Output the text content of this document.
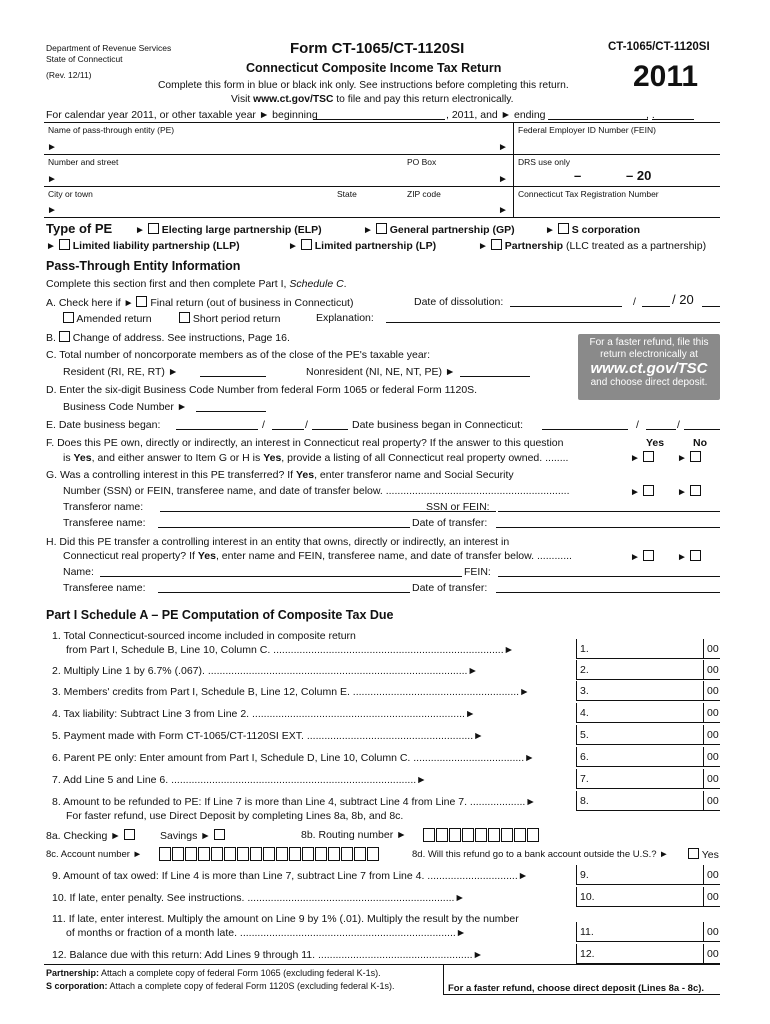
Department of Revenue Services
State of Connecticut
(Rev. 12/11)
Form CT-1065/CT-1120SI
Connecticut Composite Income Tax Return
Complete this form in blue or black ink only. See instructions before completing this return.
Visit www.ct.gov/TSC to file and pay this return electronically.
CT-1065/CT-1120SI
2011
For calendar year 2011, or other taxable year ► beginning	, 2011, and ► ending	, .
Name of pass-through entity (PE)	Federal Employer ID Number (FEIN)
►	►
Number and street	PO Box	DRS use only
►	►	–	– 20
City or town	State	ZIP code	Connecticut Tax Registration Number
►	►
Type of PE ► Electing large partnership (ELP)	► General partnership (GP)	► S corporation
► Limited liability partnership (LLP)	► Limited partnership (LP)	► Partnership (LLC treated as a partnership)
Pass-Through Entity Information
Complete this section first and then complete Part I, Schedule C.
A. Check here if ► Final return (out of business in Connecticut)	Date of dissolution:	/	/ 20
Amended return	Short period return	Explanation:
B. Change of address. See instructions, Page 16.
C. Total number of noncorporate members as of the close of the PE's taxable year:
Resident (RI, RE, RT) ►	Nonresident (NI, NE, NT, PE) ►
D. Enter the six-digit Business Code Number from federal Form 1065 or federal Form 1120S.
Business Code Number ►
For a faster refund, file this
return electronically at
www.ct.gov/TSC
and choose direct deposit.
E. Date business began:	/	/	Date business began in Connecticut:	/	/
F. Does this PE own, directly or indirectly, an interest in Connecticut real property? If the answer to this question
is Yes, and either answer to Item G or H is Yes, provide a listing of all Connecticut real property owned. ........
Yes	No
►	►
G. Was a controlling interest in this PE transferred? If Yes, enter transferor name and Social Security
Number (SSN) or FEIN, transferee name, and date of transfer below. ...............................................................	►	►
Transferor name:	SSN or FEIN:
Transferee name:	Date of transfer:
H. Did this PE transfer a controlling interest in an entity that owns, directly or indirectly, an interest in
Connecticut real property? If Yes, enter name and FEIN, transferee name, and date of transfer below. ............	►	►
Name:	FEIN:
Transferee name:	Date of transfer:
Part I Schedule A – PE Computation of Composite Tax Due
1. Total Connecticut-sourced income included in composite return
from Part I, Schedule B, Line 10, Column C. ...............................................................................►	1.	00
2. Multiply Line 1 by 6.7% (.067). .........................................................................................►	2.	00
3. Members' credits from Part I, Schedule B, Line 12, Column E. .........................................................►	3.	00
4. Tax liability: Subtract Line 3 from Line 2. .........................................................................►	4.	00
5. Payment made with Form CT-1065/CT-1120SI EXT. .........................................................►	5.	00
6. Parent PE only: Enter amount from Part I, Schedule D, Line 10, Column C. ......................................►	6.	00
7. Add Line 5 and Line 6. ....................................................................................►	7.	00
8. Amount to be refunded to PE: If Line 7 is more than Line 4, subtract Line 4 from Line 7. ...................►
For faster refund, use Direct Deposit by completing Lines 8a, 8b, and 8c.
8.	00
9. Amount of tax owed: If Line 4 is more than Line 7, subtract Line 7 from Line 4. ...............................►	9.	00
10. If late, enter penalty. See instructions. .......................................................................►	10.	00
11. If late, enter interest. Multiply the amount on Line 9 by 1% (.01). Multiply the result by the number
of months or fraction of a month late. ..........................................................................►	11.	00
12. Balance due with this return: Add Lines 9 through 11. .....................................................►	12.	00
8a. Checking ►	Savings ►	8b. Routing number ►
8c. Account number ►	8d. Will this refund go to a bank account outside the U.S.? ►	Yes
Partnership: Attach a complete copy of federal Form 1065 (excluding federal K-1s).
S corporation: Attach a complete copy of federal Form 1120S (excluding federal K-1s).	For a faster refund, choose direct deposit (Lines 8a - 8c).
